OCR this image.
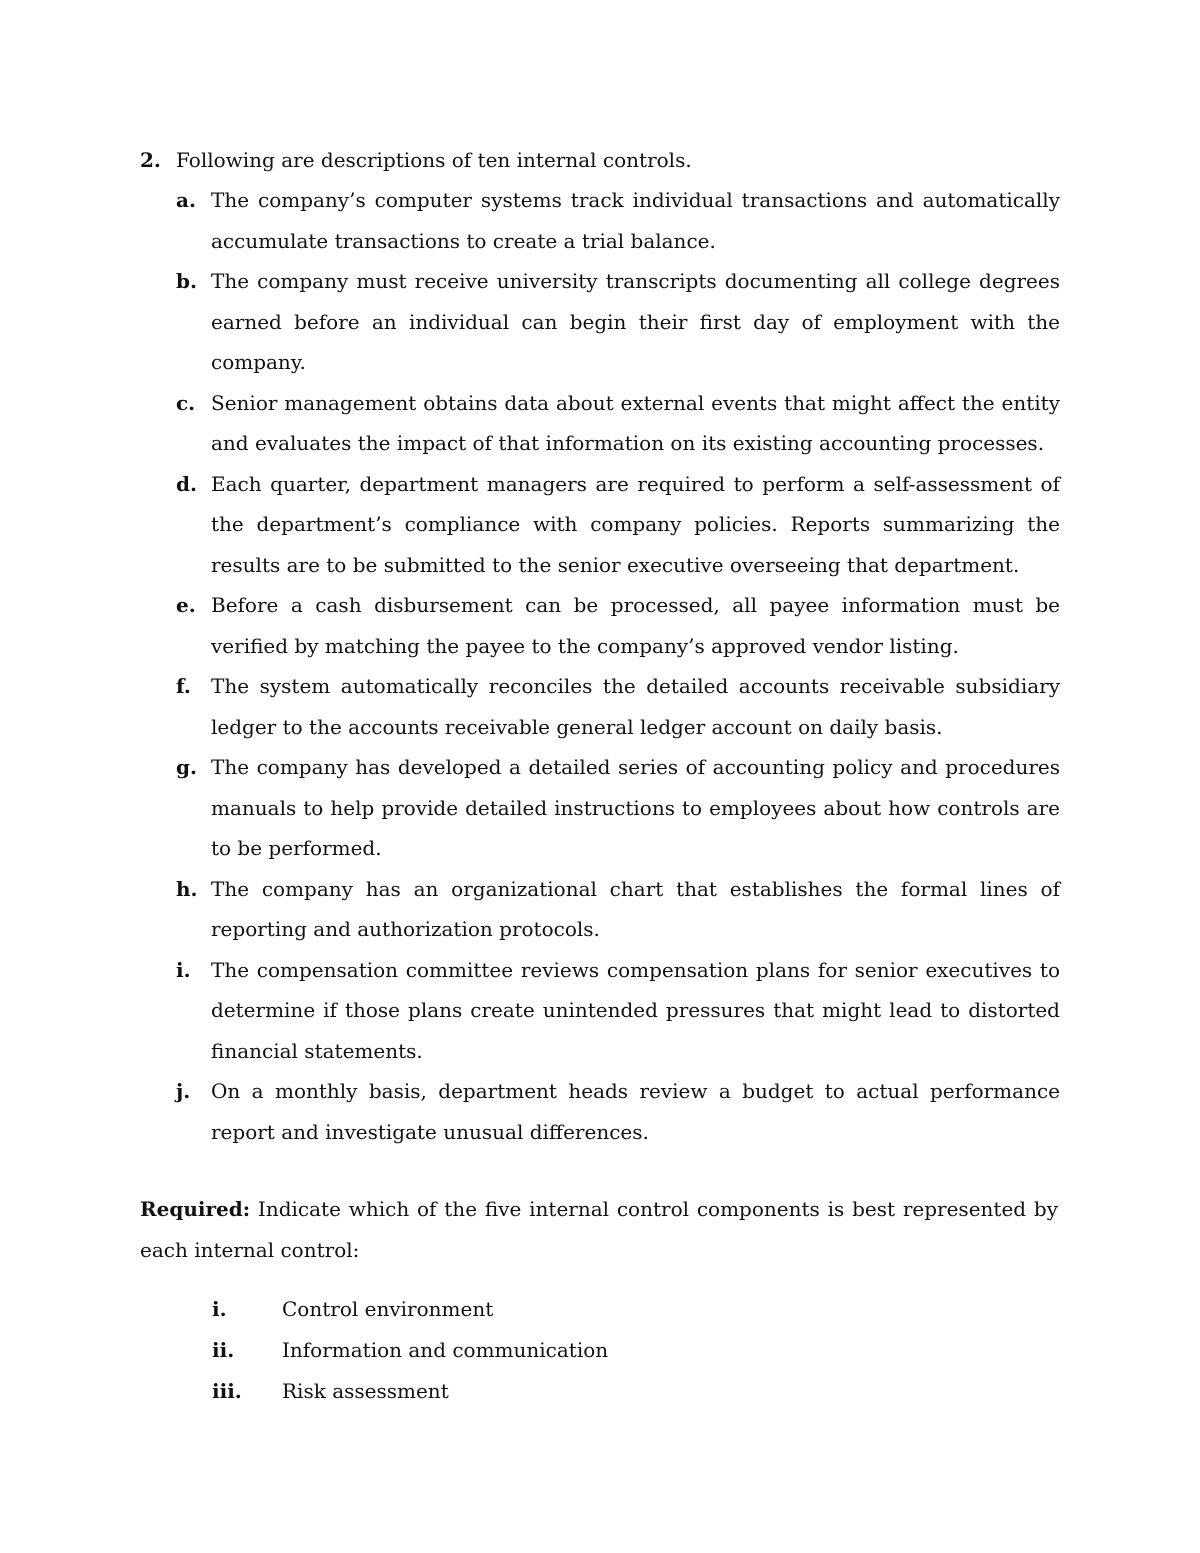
2. Following are descriptions of ten internal controls.
a. The company’s computer systems track individual transactions and automatically accumulate transactions to create a trial balance.
b. The company must receive university transcripts documenting all college degrees earned before an individual can begin their first day of employment with the company.
c. Senior management obtains data about external events that might affect the entity and evaluates the impact of that information on its existing accounting processes.
d. Each quarter, department managers are required to perform a self-assessment of the department’s compliance with company policies. Reports summarizing the results are to be submitted to the senior executive overseeing that department.
e. Before a cash disbursement can be processed, all payee information must be verified by matching the payee to the company’s approved vendor listing.
f.	The system automatically reconciles the detailed accounts receivable subsidiary ledger to the accounts receivable general ledger account on daily basis.
g. The company has developed a detailed series of accounting policy and procedures manuals to help provide detailed instructions to employees about how controls are to be performed.
h. The company has an organizational chart that establishes the formal lines of reporting and authorization protocols.
i.	The compensation committee reviews compensation plans for senior executives to determine if those plans create unintended pressures that might lead to distorted financial statements.
j.	On a monthly basis, department heads review a budget to actual performance report and investigate unusual differences.

Required: Indicate which of the five internal control components is best represented by each internal control:

i.	Control environment
ii.	Information and communication
iii.	Risk assessment
